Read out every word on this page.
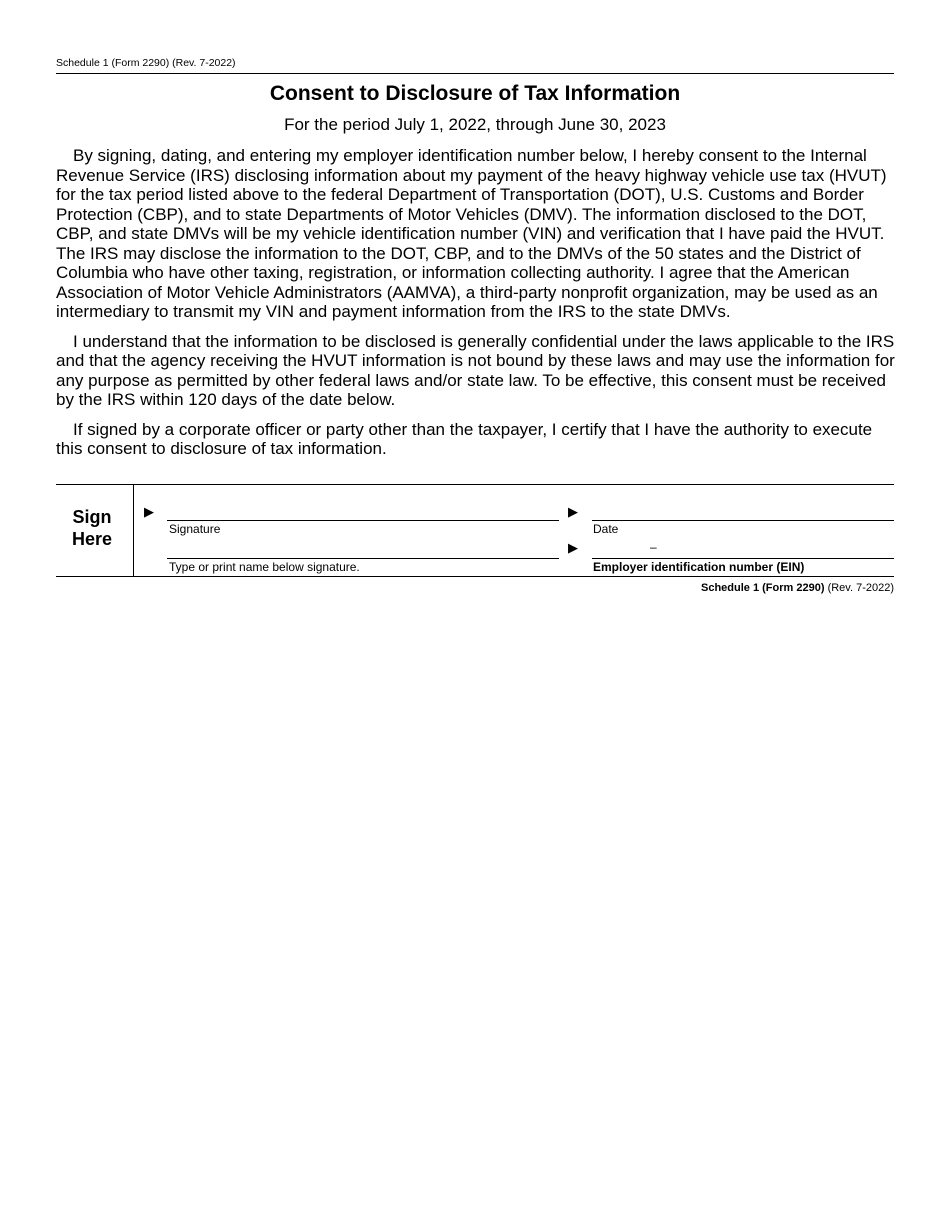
Schedule 1 (Form 2290) (Rev. 7-2022)
Consent to Disclosure of Tax Information
For the period July 1, 2022, through June 30, 2023

By signing, dating, and entering my employer identification number below, I hereby consent to the Internal Revenue Service (IRS) disclosing information about my payment of the heavy highway vehicle use tax (HVUT) for the tax period listed above to the federal Department of Transportation (DOT), U.S. Customs and Border Protection (CBP), and to state Departments of Motor Vehicles (DMV). The information disclosed to the DOT, CBP, and state DMVs will be my vehicle identification number (VIN) and verification that I have paid the HVUT. The IRS may disclose the information to the DOT, CBP, and to the DMVs of the 50 states and the District of Columbia who have other taxing, registration, or information collecting authority. I agree that the American Association of Motor Vehicle Administrators (AAMVA), a third-party nonprofit organization, may be used as an intermediary to transmit my VIN and payment information from the IRS to the state DMVs.

I understand that the information to be disclosed is generally confidential under the laws applicable to the IRS and that the agency receiving the HVUT information is not bound by these laws and may use the information for any purpose as permitted by other federal laws and/or state law. To be effective, this consent must be received by the IRS within 120 days of the date below.

If signed by a corporate officer or party other than the taxpayer, I certify that I have the authority to execute this consent to disclosure of tax information.

Sign
Here
▶
Signature
▶
Date
Type or print name below signature.
▶	–
Employer identification number (EIN)
Schedule 1 (Form 2290) (Rev. 7-2022)
